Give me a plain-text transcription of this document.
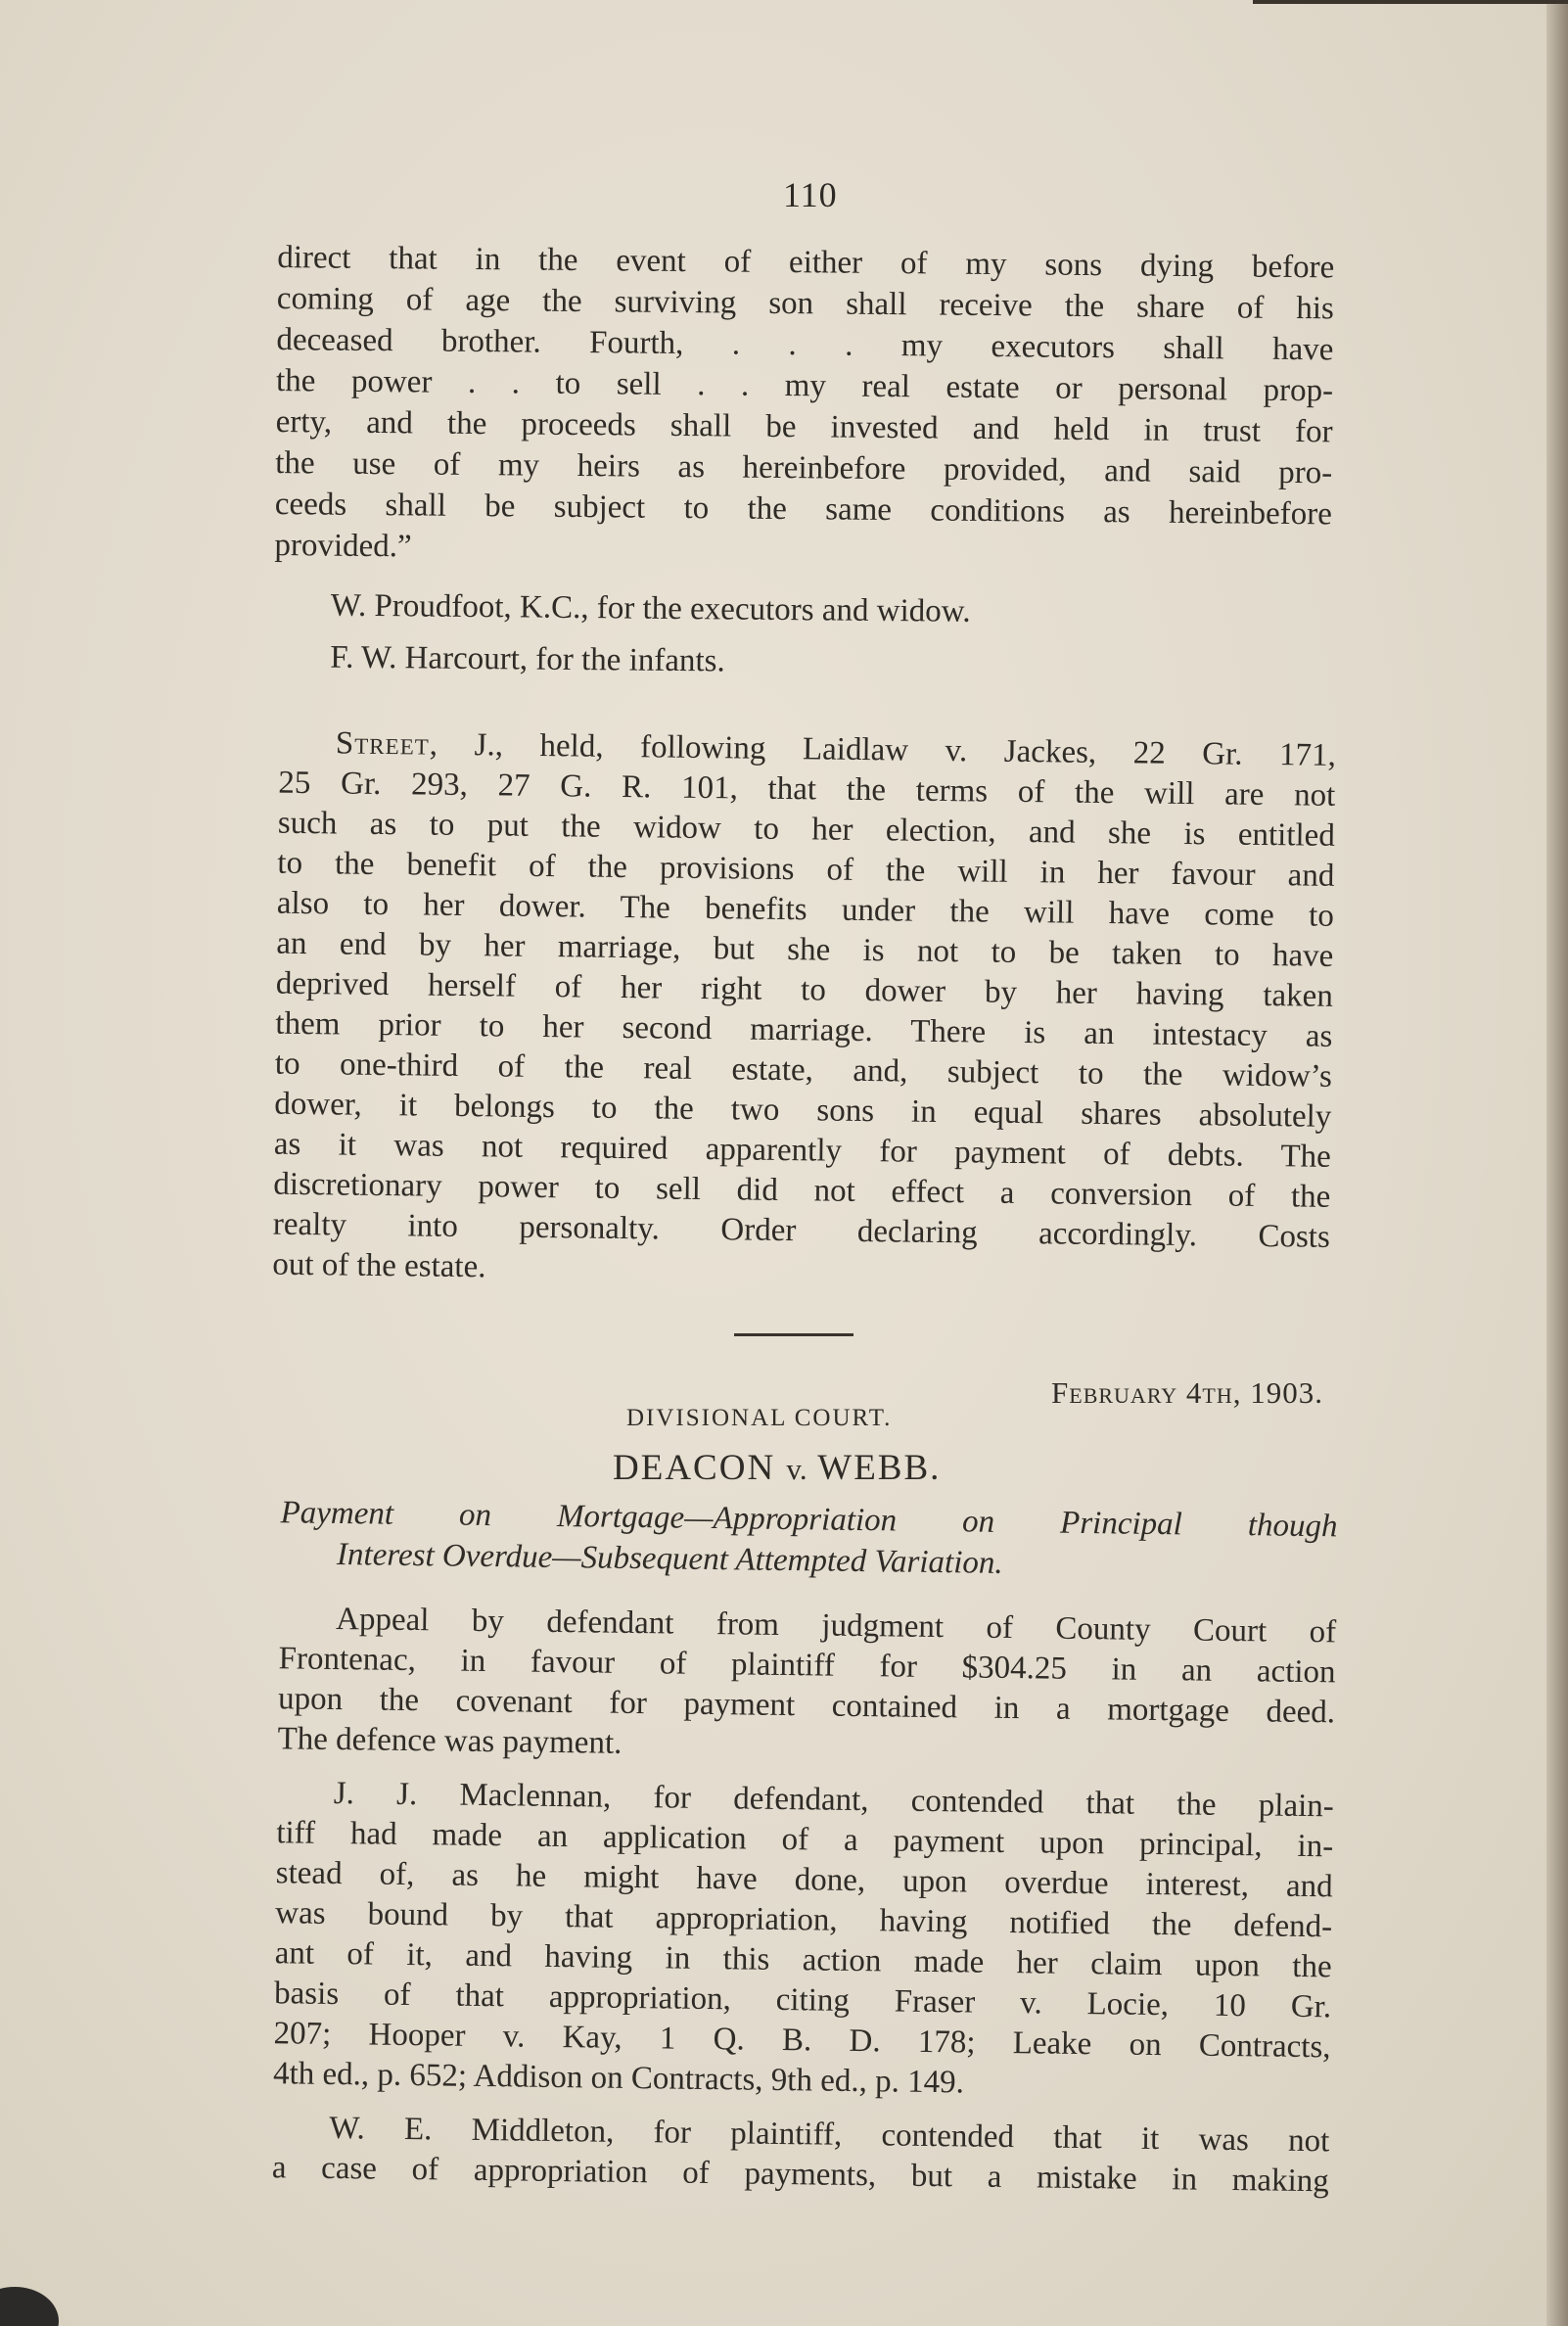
110

direct that in the event of either of my sons dying before

coming of age the surviving son shall receive the share of his

deceased brother. Fourth, . . . my executors shall have

the power . . to sell . . my real estate or personal prop-

erty, and the proceeds shall be invested and held in trust for

the use of my heirs as hereinbefore provided, and said pro-

ceeds shall be subject to the same conditions as hereinbefore

provided.”

W. Proudfoot, K.C., for the executors and widow.
F. W. Harcourt, for the infants.

Street, J., held, following Laidlaw v. Jackes, 22 Gr. 171,

25 Gr. 293, 27 G. R. 101, that the terms of the will are not

such as to put the widow to her election, and she is entitled

to the benefit of the provisions of the will in her favour and

also to her dower. The benefits under the will have come to

an end by her marriage, but she is not to be taken to have

deprived herself of her right to dower by her having taken

them prior to her second marriage. There is an intestacy as

to one-third of the real estate, and, subject to the widow’s

dower, it belongs to the two sons in equal shares absolutely

as it was not required apparently for payment of debts. The

discretionary power to sell did not effect a conversion of the

realty into personalty. Order declaring accordingly. Costs

out of the estate.

February 4th, 1903.
DIVISIONAL COURT.
DEACON v. WEBB.

Payment on Mortgage—Appropriation on Principal though

Interest Overdue—Subsequent Attempted Variation.

Appeal by defendant from judgment of County Court of

Frontenac, in favour of plaintiff for $304.25 in an action

upon the covenant for payment contained in a mortgage deed.

The defence was payment.

J. J. Maclennan, for defendant, contended that the plain-

tiff had made an application of a payment upon principal, in-

stead of, as he might have done, upon overdue interest, and

was bound by that appropriation, having notified the defend-

ant of it, and having in this action made her claim upon the

basis of that appropriation, citing Fraser v. Locie, 10 Gr.

207; Hooper v. Kay, 1 Q. B. D. 178; Leake on Contracts,

4th ed., p. 652; Addison on Contracts, 9th ed., p. 149.

W. E. Middleton, for plaintiff, contended that it was not

a case of appropriation of payments, but a mistake in making
